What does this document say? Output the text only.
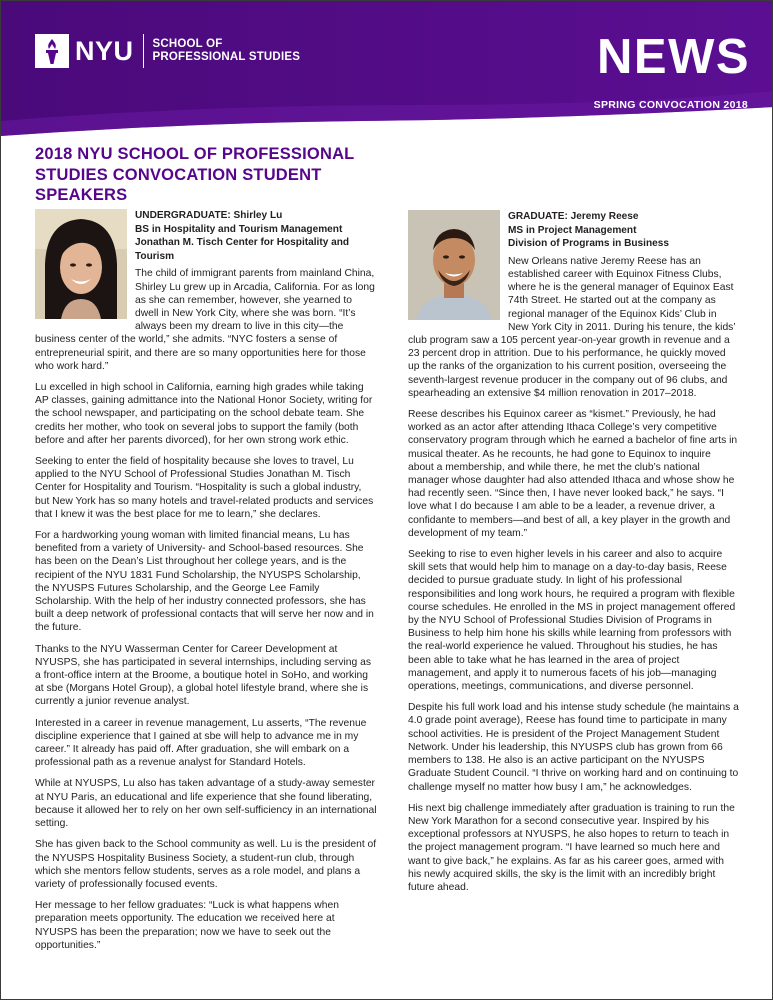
NYU SCHOOL OF
PROFESSIONAL STUDIES	NEWS
SPRING CONVOCATION 2018
2018 NYU SCHOOL OF PROFESSIONAL STUDIES CONVOCATION STUDENT SPEAKERS
UNDERGRADUATE: Shirley Lu
BS in Hospitality and Tourism Management
Jonathan M. Tisch Center for Hospitality and Tourism

The child of immigrant parents from mainland China, Shirley Lu grew up in Arcadia, California. For as long as she can remember, however, she yearned to dwell in New York City, where she was born. “It’s always been my dream to live in this city—the business center of the world,” she admits. “NYC fosters a sense of entrepreneurial spirit, and there are so many opportunities here for those who work hard.”

Lu excelled in high school in California, earning high grades while taking AP classes, gaining admittance into the National Honor Society, writing for the school newspaper, and participating on the school debate team. She credits her mother, who took on several jobs to support the family (both before and after her parents divorced), for her own strong work ethic.

Seeking to enter the field of hospitality because she loves to travel, Lu applied to the NYU School of Professional Studies Jonathan M. Tisch Center for Hospitality and Tourism. “Hospitality is such a global industry, but New York has so many hotels and travel-related products and services that I knew it was the best place for me to learn,” she declares.

For a hardworking young woman with limited financial means, Lu has benefited from a variety of University- and School-based resources. She has been on the Dean’s List throughout her college years, and is the recipient of the NYU 1831 Fund Scholarship, the NYUSPS Scholarship, the NYUSPS Futures Scholarship, and the George Lee Family Scholarship. With the help of her industry connected professors, she has built a deep network of professional contacts that will serve her now and in the future.

Thanks to the NYU Wasserman Center for Career Development at NYUSPS, she has participated in several internships, including serving as a front-office intern at the Broome, a boutique hotel in SoHo, and working at sbe (Morgans Hotel Group), a global hotel lifestyle brand, where she is currently a junior revenue analyst.

Interested in a career in revenue management, Lu asserts, “The revenue discipline experience that I gained at sbe will help to advance me in my career.” It already has paid off. After graduation, she will embark on a professional path as a revenue analyst for Standard Hotels.

While at NYUSPS, Lu also has taken advantage of a study-away semester at NYU Paris, an educational and life experience that she found liberating, because it allowed her to rely on her own self-sufficiency in an international setting.

She has given back to the School community as well. Lu is the president of the NYUSPS Hospitality Business Society, a student-run club, through which she mentors fellow students, serves as a role model, and plans a variety of professionally focused events.

Her message to her fellow graduates: “Luck is what happens when preparation meets opportunity. The education we received here at NYUSPS has been the preparation; now we have to seek out the opportunities.”

GRADUATE: Jeremy Reese
MS in Project Management
Division of Programs in Business

New Orleans native Jeremy Reese has an established career with Equinox Fitness Clubs, where he is the general manager of Equinox East 74th Street. He started out at the company as regional manager of the Equinox Kids’ Club in New York City in 2011. During his tenure, the kids’ club program saw a 105 percent year-on-year growth in revenue and a 23 percent drop in attrition. Due to his performance, he quickly moved up the ranks of the organization to his current position, overseeing the seventh-largest revenue producer in the company out of 96 clubs, and spearheading an extensive $4 million renovation in 2017–2018.

Reese describes his Equinox career as “kismet.” Previously, he had worked as an actor after attending Ithaca College’s very competitive conservatory program through which he earned a bachelor of fine arts in musical theater. As he recounts, he had gone to Equinox to inquire about a membership, and while there, he met the club’s national manager whose daughter had also attended Ithaca and whose show he had recently seen. “Since then, I have never looked back,” he says. “I love what I do because I am able to be a leader, a revenue driver, a confidante to members—and best of all, a key player in the growth and development of my team.”

Seeking to rise to even higher levels in his career and also to acquire skill sets that would help him to manage on a day-to-day basis, Reese decided to pursue graduate study. In light of his professional responsibilities and long work hours, he required a program with flexible course schedules. He enrolled in the MS in project management offered by the NYU School of Professional Studies Division of Programs in Business to help him hone his skills while learning from professors with the real-world experience he valued. Throughout his studies, he has been able to take what he has learned in the area of project management, and apply it to numerous facets of his job—managing operations, meetings, communications, and diverse personnel.

Despite his full work load and his intense study schedule (he maintains a 4.0 grade point average), Reese has found time to participate in many school activities. He is president of the Project Management Student Network. Under his leadership, this NYUSPS club has grown from 66 members to 138. He also is an active participant on the NYUSPS Graduate Student Council. “I thrive on working hard and on continuing to challenge myself no matter how busy I am,” he acknowledges.

His next big challenge immediately after graduation is training to run the New York Marathon for a second consecutive year. Inspired by his exceptional professors at NYUSPS, he also hopes to return to teach in the project management program. “I have learned so much here and want to give back,” he explains. As far as his career goes, armed with his newly acquired skills, the sky is the limit with an incredibly bright future ahead.
